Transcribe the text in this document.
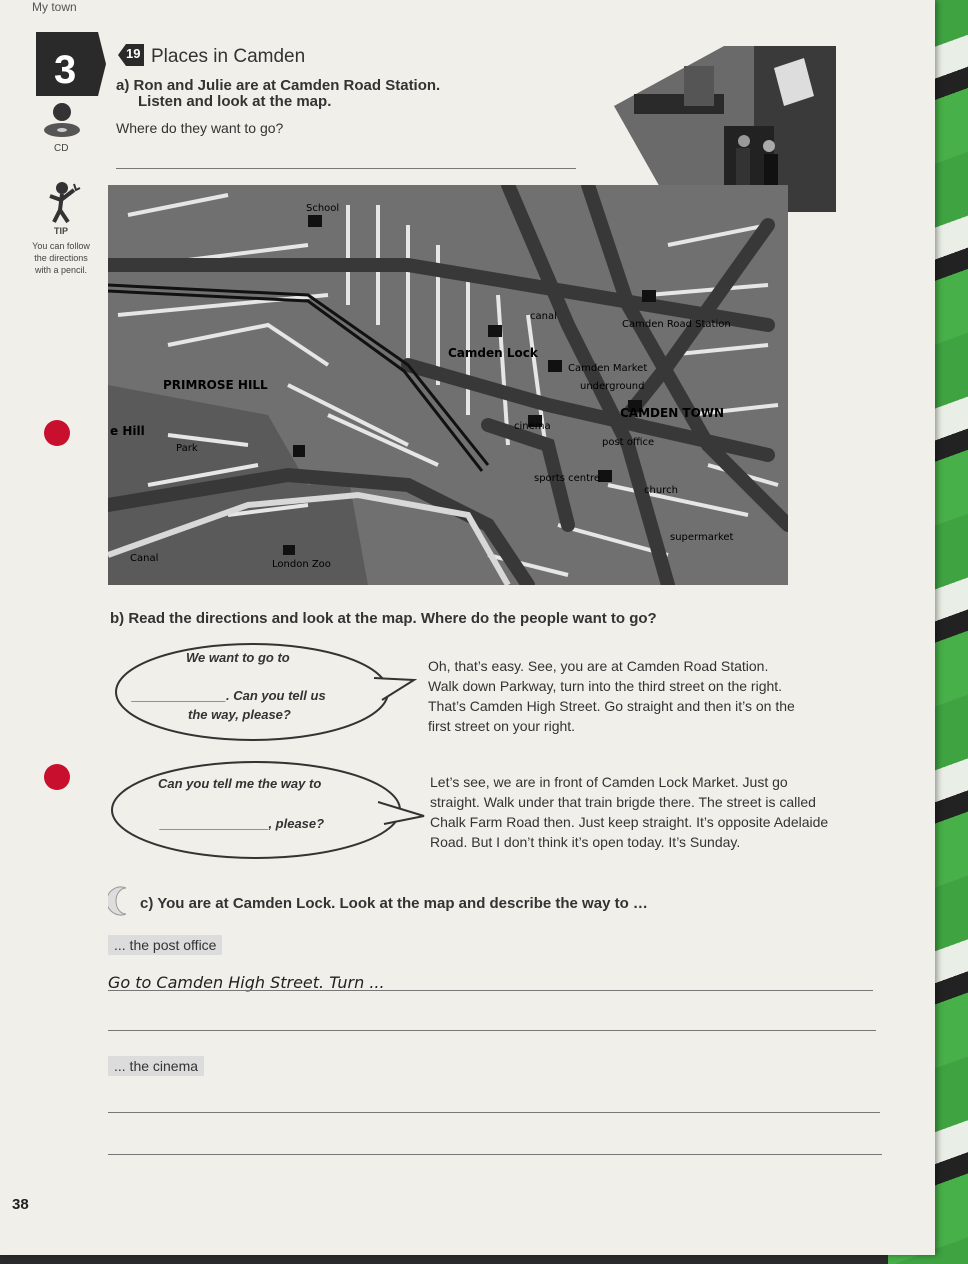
My town
3	19 Places in Camden
a) Ron and Julie are at Camden Road Station.
Listen and look at the map.
Where do they want to go?
CD
TIP
You can follow the directions with a pencil.
School
canal
Camden Lock
Camden Market
underground
Camden Road Station
CAMDEN TOWN
cinema
post office
sports centre
church
supermarket
PRIMROSE HILL
e Hill
Park
Canal
London Zoo
b) Read the directions and look at the map. Where do the people want to go?
We want to go to
_____________. Can you tell us
the way, please?
Oh, that’s easy. See, you are at Camden Road Station.
Walk down Parkway, turn into the third street on the right.
That’s Camden High Street. Go straight and then it’s on the
first street on your right.
Can you tell me the way to
_______________, please?
Let’s see, we are in front of Camden Lock Market. Just go
straight. Walk under that train brigde there. The street is called
Chalk Farm Road then. Just keep straight. It’s opposite Adelaide
Road. But I don’t think it’s open today. It’s Sunday.
c) You are at Camden Lock. Look at the map and describe the way to …
... the post office
Go to Camden High Street. Turn ...
... the cinema
38
